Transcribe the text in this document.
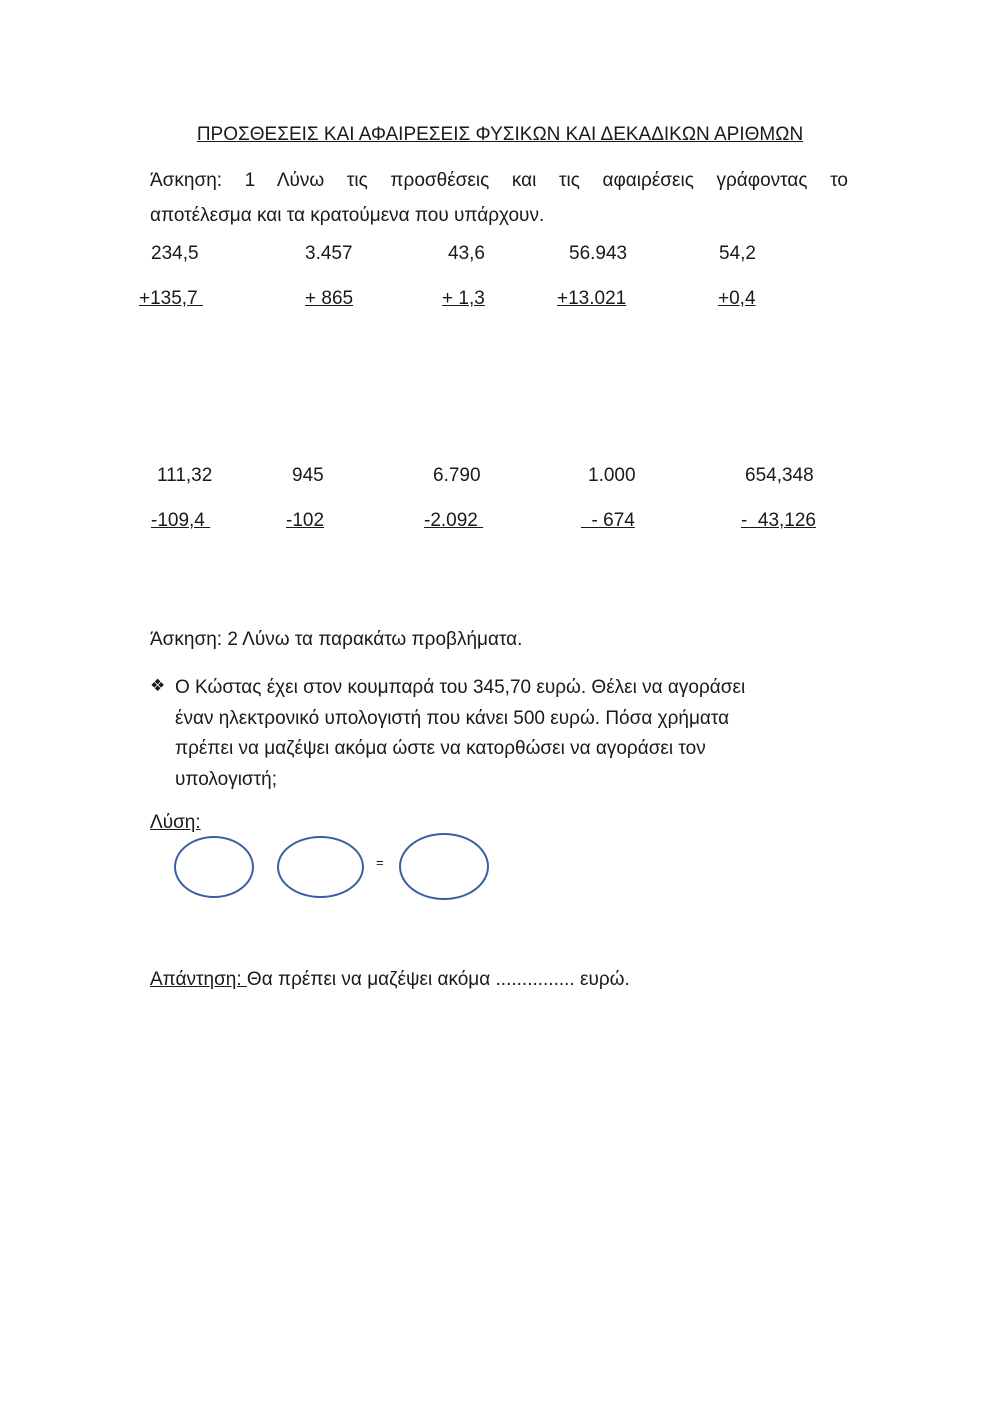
ΠΡΟΣΘΕΣΕΙΣ ΚΑΙ ΑΦΑΙΡΕΣΕΙΣ ΦΥΣΙΚΩΝ ΚΑΙ ΔΕΚΑΔΙΚΩΝ ΑΡΙΘΜΩΝ
Άσκηση: 1 Λύνω τις προσθέσεις και τις αφαιρέσεις γράφοντας το
αποτέλεσμα και τα κρατούμενα που υπάρχουν.
234,5
+135,7
3.457
+ 865
43,6
+ 1,3
56.943
+13.021
54,2
+0,4
111,32
-109,4
945
-102
6.790
-2.092
1.000
- 674
654,348
-  43,126
Άσκηση: 2 Λύνω τα παρακάτω προβλήματα.
❖ Ο Κώστας έχει στον κουμπαρά του 345,70 ευρώ. Θέλει να αγοράσει
έναν ηλεκτρονικό υπολογιστή που κάνει 500 ευρώ. Πόσα χρήματα
πρέπει να μαζέψει ακόμα ώστε να κατορθώσει να αγοράσει τον
υπολογιστή;
Λύση:
=
Απάντηση: Θα πρέπει να μαζέψει ακόμα ............... ευρώ.
